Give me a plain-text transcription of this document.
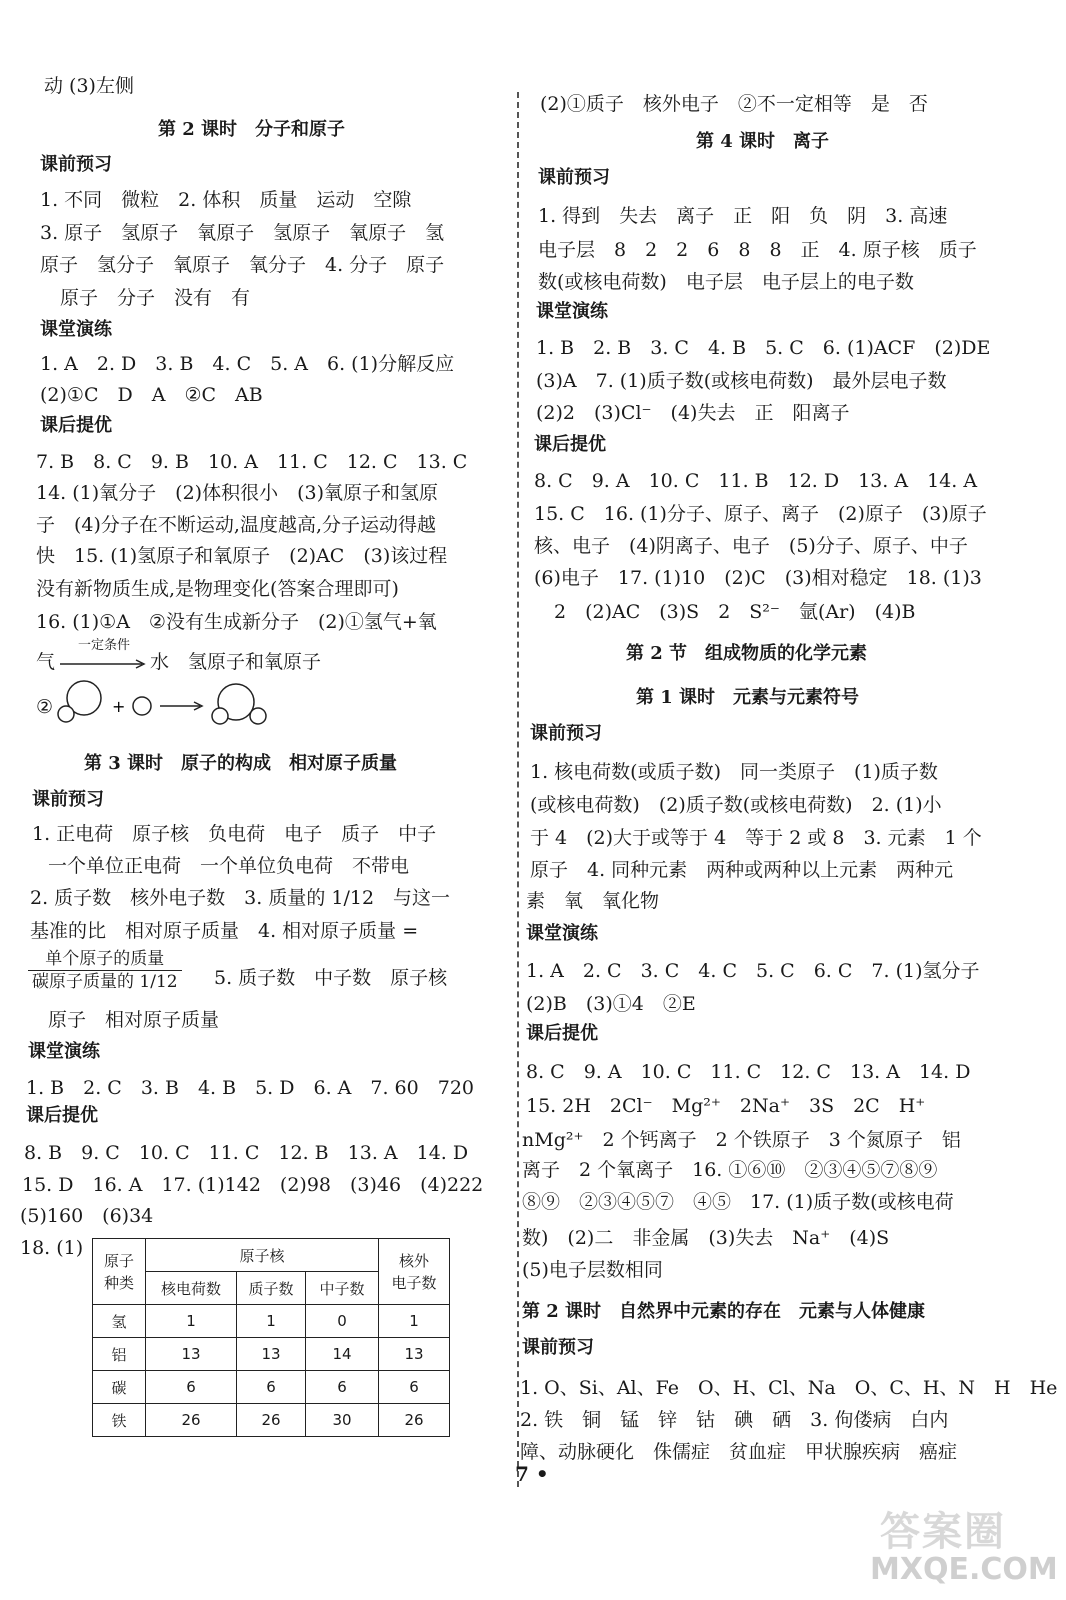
动 (3)左侧
第 2 课时　分子和原子
课前预习
1. 不同　微粒　2. 体积　质量　运动　空隙
3. 原子　氢原子　氧原子　氢原子　氧原子　氢
原子　氢分子　氧原子　氧分子　4. 分子　原子
原子　分子　没有　有
课堂演练
1. A　2. D　3. B　4. C　5. A　6. (1)分解反应
(2)①C　D　A　②C　AB
课后提优
7. B　8. C　9. B　10. A　11. C　12. C　13. C
14. (1)氧分子　(2)体积很小　(3)氧原子和氢原
子　(4)分子在不断运动,温度越高,分子运动得越
快　15. (1)氢原子和氧原子　(2)AC　(3)该过程
没有新物质生成,是物理变化(答案合理即可)
16. (1)①A　②没有生成新分子　(2)①氢气+氧
气
一定条件
水　氢原子和氧原子
②	+
第 3 课时　原子的构成　相对原子质量
课前预习
1. 正电荷　原子核　负电荷　电子　质子　中子
一个单位正电荷　一个单位负电荷　不带电
2. 质子数　核外电子数　3. 质量的 1/12　与这一
基准的比　相对原子质量　4. 相对原子质量 =
单个原子的质量
碳原子质量的 1/12 5. 质子数　中子数　原子核
原子　相对原子质量
课堂演练
1. B　2. C　3. B　4. B　5. D　6. A　7. 60　720
课后提优
8. B　9. C　10. C　11. C　12. B　13. A　14. D
15. D　16. A　17. (1)142　(2)98　(3)46　(4)222
(5)160　(6)34
18. (1)
原子
种类	原子核			核外
电子数
	核电荷数	质子数	中子数	
氢	1	1	0	1
铝	13	13	14	13
碳	6	6	6	6
铁	26	26	30	26
(2)①质子　核外电子　②不一定相等　是　否
第 4 课时　离子
课前预习
1. 得到　失去　离子　正　阳　负　阴　3. 高速
电子层　8　2　2　6　8　8　正　4. 原子核　质子
数(或核电荷数)　电子层　电子层上的电子数
课堂演练
1. B　2. B　3. C　4. B　5. C　6. (1)ACF　(2)DE
(3)A　7. (1)质子数(或核电荷数)　最外层电子数
(2)2　(3)Cl⁻　(4)失去　正　阳离子
课后提优
8. C　9. A　10. C　11. B　12. D　13. A　14. A
15. C　16. (1)分子、原子、离子　(2)原子　(3)原子
核、电子　(4)阴离子、电子　(5)分子、原子、中子
(6)电子　17. (1)10　(2)C　(3)相对稳定　18. (1)3
2　(2)AC　(3)S　2　S²⁻　氩(Ar)　(4)B
第 2 节　组成物质的化学元素
第 1 课时　元素与元素符号
课前预习
1. 核电荷数(或质子数)　同一类原子　(1)质子数
(或核电荷数)　(2)质子数(或核电荷数)　2. (1)小
于 4　(2)大于或等于 4　等于 2 或 8　3. 元素　1 个
原子　4. 同种元素　两种或两种以上元素　两种元
素　氧　氧化物
课堂演练
1. A　2. C　3. C　4. C　5. C　6. C　7. (1)氢分子
(2)B　(3)①4　②E
课后提优
8. C　9. A　10. C　11. C　12. C　13. A　14. D
15. 2H　2Cl⁻　Mg²⁺　2Na⁺　3S　2C　H⁺
nMg²⁺　2 个钙离子　2 个铁原子　3 个氮原子　铝
离子　2 个氧离子　16. ①⑥⑩　②③④⑤⑦⑧⑨
⑧⑨　②③④⑤⑦　④⑤　17. (1)质子数(或核电荷
数)　(2)二　非金属　(3)失去　Na⁺　(4)S
(5)电子层数相同
第 2 课时　自然界中元素的存在　元素与人体健康
课前预习
1. O、Si、Al、Fe　O、H、Cl、Na　O、C、H、N　H　He
2. 铁　铜　锰　锌　钴　碘　硒　3. 佝偻病　白内
障、动脉硬化　侏儒症　贫血症　甲状腺疾病　癌症
7 •
答案圈
MXQE.COM
